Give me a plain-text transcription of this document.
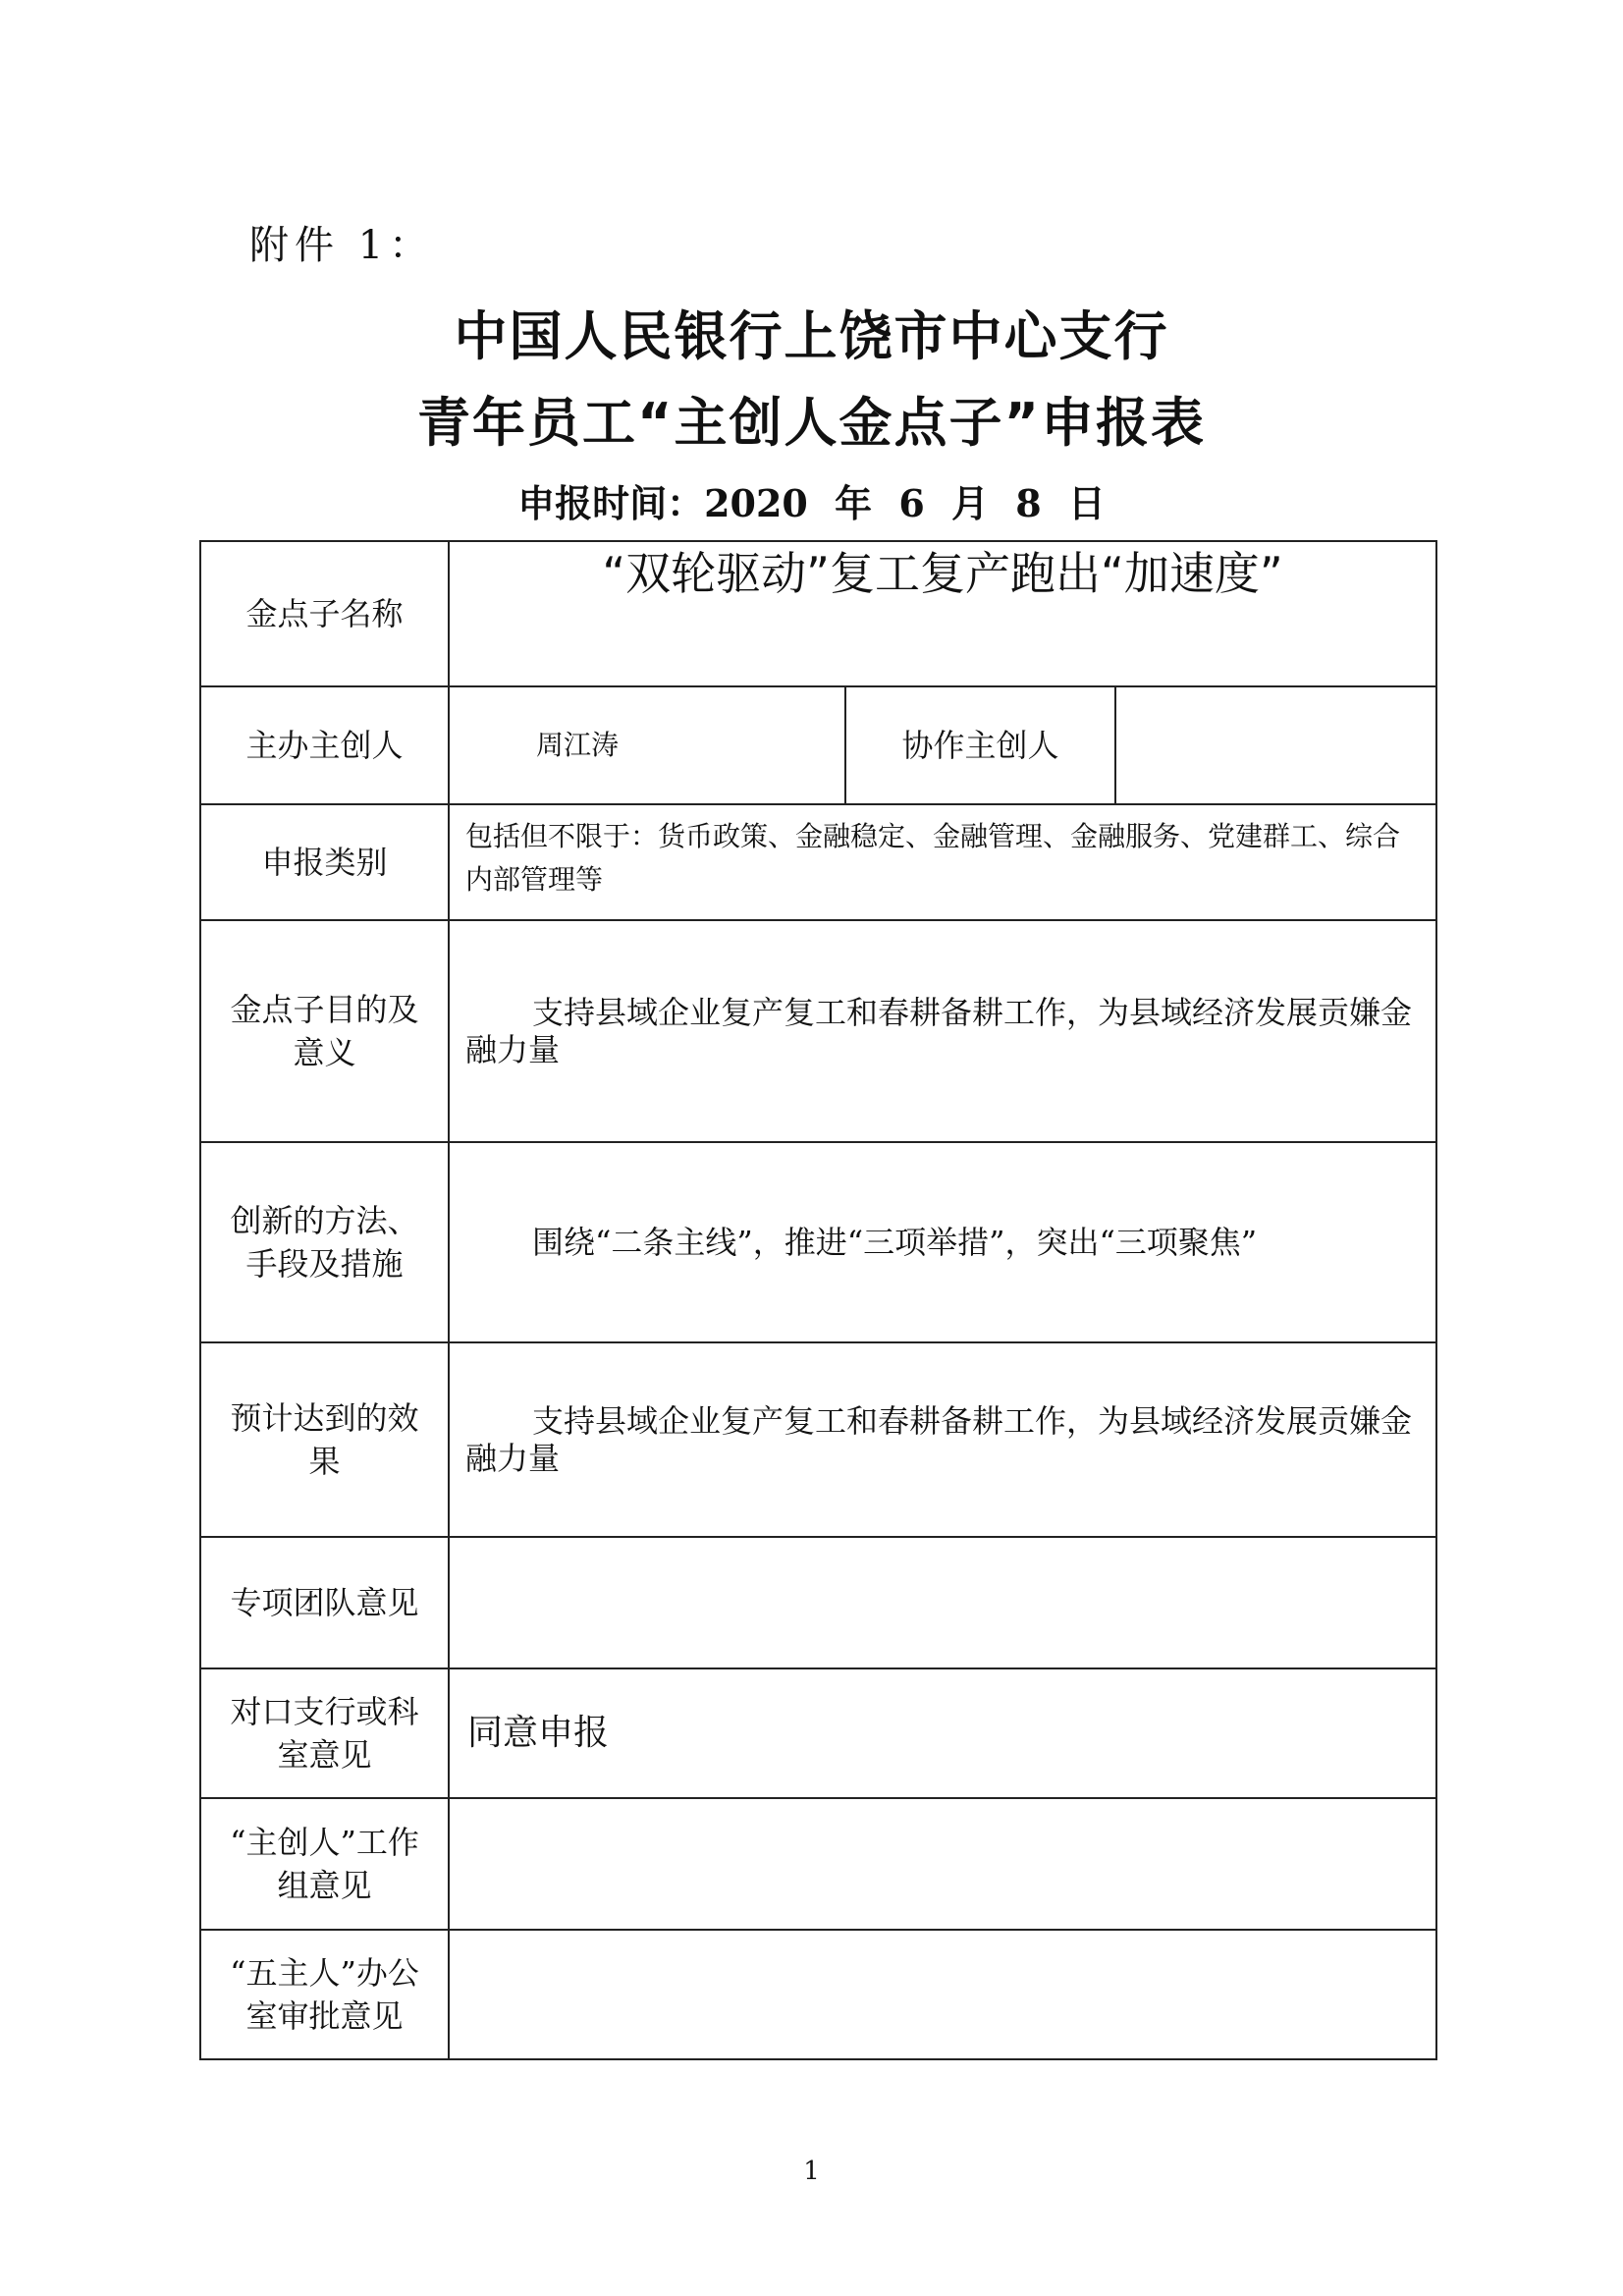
附件 1：
中国人民银行上饶市中心支行
青年员工“主创人金点子”申报表
申报时间：2020 年 6 月 8 日
金点子名称	“双轮驱动”复工复产跑出“加速度”		
主办主创人	周江涛	协作主创人	
申报类别	包括但不限于：货币政策、金融稳定、金融管理、金融服务、党建群工、综合内部管理等		
金点子目的及意义	支持县域企业复产复工和春耕备耕工作，为县域经济发展贡嫌金融力量		
创新的方法、手段及措施	围绕“二条主线”，推进“三项举措”，突出“三项聚焦”		
预计达到的效果	支持县域企业复产复工和春耕备耕工作，为县域经济发展贡嫌金融力量		
专项团队意见			
对口支行或科室意见	同意申报		
“主创人”工作组意见			
“五主人”办公室审批意见			
1
